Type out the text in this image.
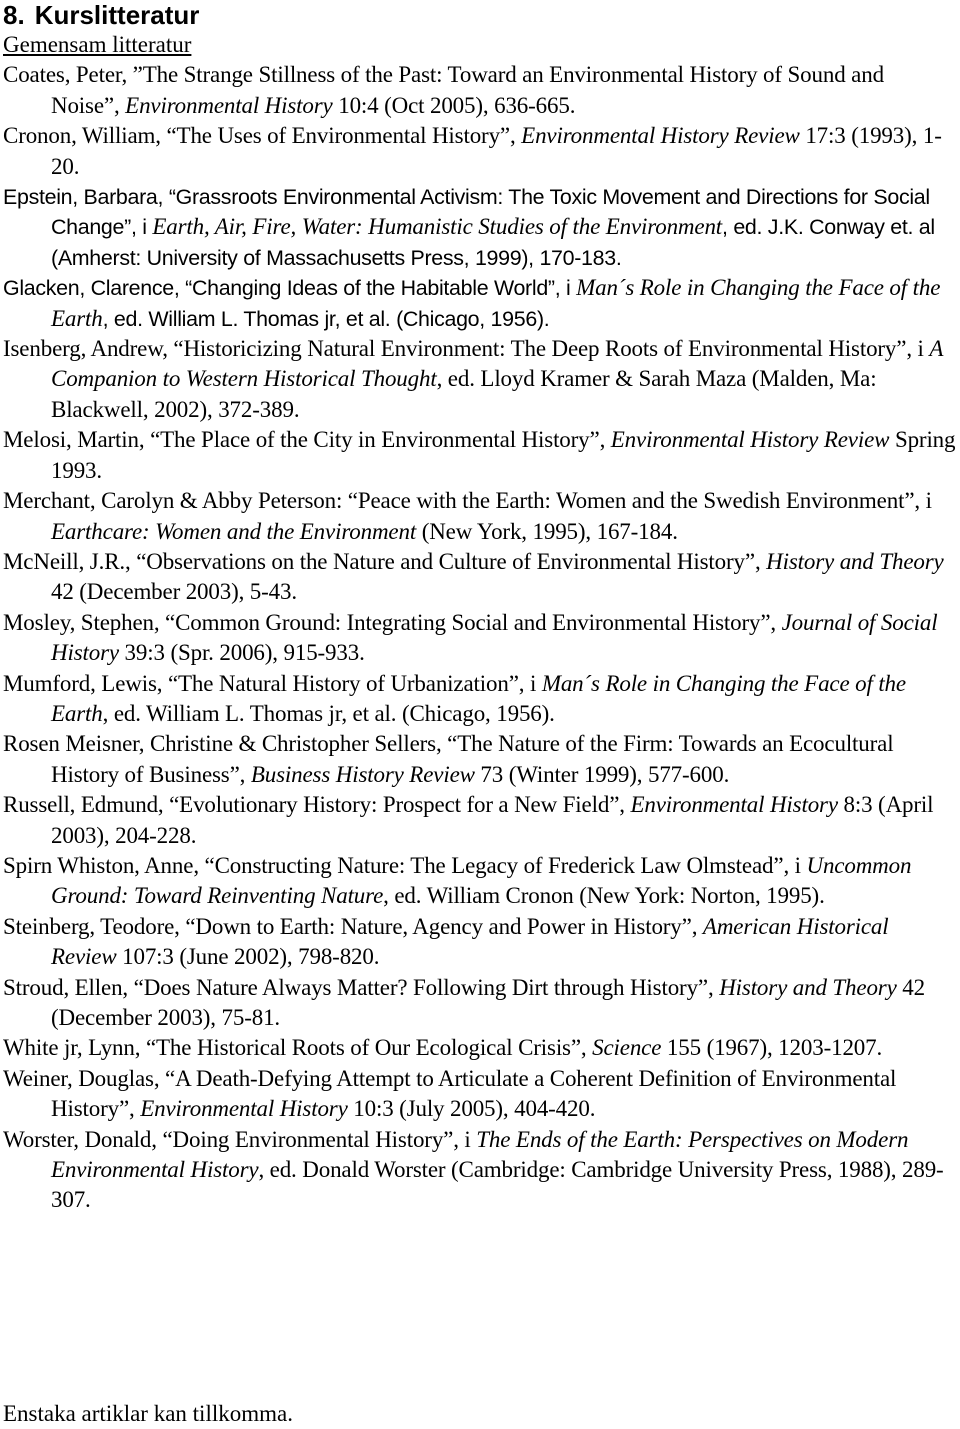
8. Kurslitteratur

Gemensam litteratur

Coates, Peter, ”The Strange Stillness of the Past: Toward an Environmental History of Sound and Noise”, Environmental History 10:4 (Oct 2005), 636-665.

Cronon, William, “The Uses of Environmental History”, Environmental History Review 17:3 (1993), 1-20.

Epstein, Barbara, “Grassroots Environmental Activism: The Toxic Movement and Directions for Social Change”, i Earth, Air, Fire, Water: Humanistic Studies of the Environment, ed. J.K. Conway et. al (Amherst: University of Massachusetts Press, 1999), 170-183.

Glacken, Clarence, “Changing Ideas of the Habitable World”, i Man´s Role in Changing the Face of the Earth, ed. William L. Thomas jr, et al. (Chicago, 1956).

Isenberg, Andrew, “Historicizing Natural Environment: The Deep Roots of Environmental History”, i A Companion to Western Historical Thought, ed. Lloyd Kramer & Sarah Maza (Malden, Ma: Blackwell, 2002), 372-389.

Melosi, Martin, “The Place of the City in Environmental History”, Environmental History Review Spring 1993.

Merchant, Carolyn & Abby Peterson: “Peace with the Earth: Women and the Swedish Environment”, i Earthcare: Women and the Environment (New York, 1995), 167-184.

McNeill, J.R., “Observations on the Nature and Culture of Environmental History”, History and Theory 42 (December 2003), 5-43.

Mosley, Stephen, “Common Ground: Integrating Social and Environmental History”, Journal of Social History 39:3 (Spr. 2006), 915-933.

Mumford, Lewis, “The Natural History of Urbanization”, i Man´s Role in Changing the Face of the Earth, ed. William L. Thomas jr, et al. (Chicago, 1956).

Rosen Meisner, Christine & Christopher Sellers, “The Nature of the Firm: Towards an Ecocultural History of Business”, Business History Review 73 (Winter 1999), 577-600.

Russell, Edmund, “Evolutionary History: Prospect for a New Field”, Environmental History 8:3 (April 2003), 204-228.

Spirn Whiston, Anne, “Constructing Nature: The Legacy of Frederick Law Olmstead”, i Uncommon Ground: Toward Reinventing Nature, ed. William Cronon (New York: Norton, 1995).

Steinberg, Teodore, “Down to Earth: Nature, Agency and Power in History”, American Historical Review 107:3 (June 2002), 798-820.

Stroud, Ellen, “Does Nature Always Matter? Following Dirt through History”, History and Theory 42 (December 2003), 75-81.

White jr, Lynn, “The Historical Roots of Our Ecological Crisis”, Science 155 (1967), 1203-1207.

Weiner, Douglas, “A Death-Defying Attempt to Articulate a Coherent Definition of Environmental History”, Environmental History 10:3 (July 2005), 404-420.

Worster, Donald, “Doing Environmental History”, i The Ends of the Earth: Perspectives on Modern Environmental History, ed. Donald Worster (Cambridge: Cambridge University Press, 1988), 289-307.

Enstaka artiklar kan tillkomma.
